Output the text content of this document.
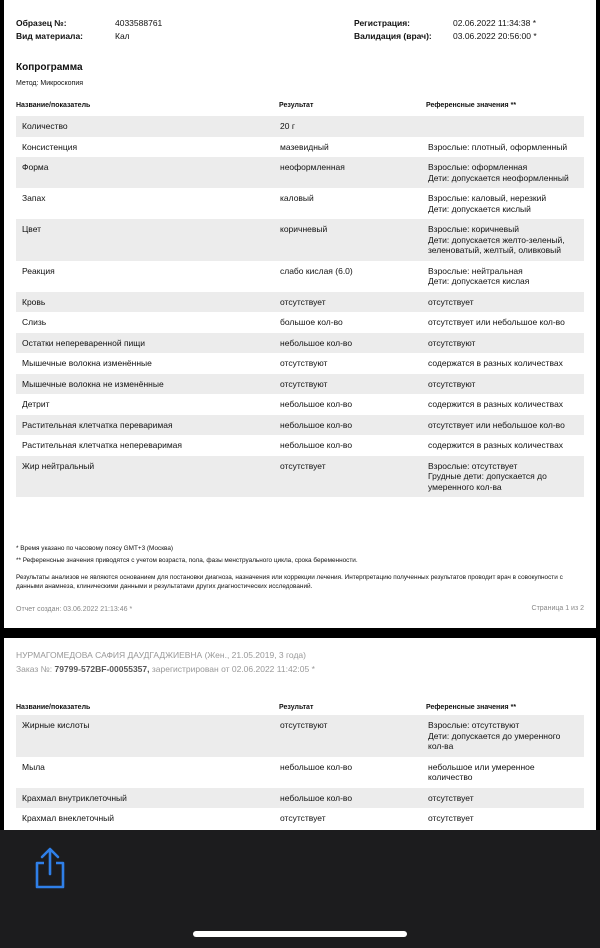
Образец №:	4033588761
Вид материала:	Кал
Регистрация:	02.06.2022 11:34:38 *
Валидация (врач):	03.06.2022 20:56:00 *
Копрограмма
Метод: Микроскопия
Название/показатель	Результат	Референсные значения **
Количество	20 г	
Консистенция	мазевидный	Взрослые: плотный, оформленный
Форма	неоформленная	Взрослые: оформленная
Дети: допускается неоформленный
Запах	каловый	Взрослые: каловый, нерезкий
Дети: допускается кислый
Цвет	коричневый	Взрослые: коричневый
Дети: допускается желто-зеленый, зеленоватый, желтый, оливковый
Реакция	слабо кислая (6.0)	Взрослые: нейтральная
Дети: допускается кислая
Кровь	отсутствует	отсутствует
Слизь	большое кол-во	отсутствует или небольшое кол-во
Остатки непереваренной пищи	небольшое кол-во	отсутствуют
Мышечные волокна изменённые	отсутствуют	содержатся в разных количествах
Мышечные волокна не изменённые	отсутствуют	отсутствуют
Детрит	небольшое кол-во	содержится в разных количествах
Растительная клетчатка переваримая	небольшое кол-во	отсутствует или небольшое кол-во
Растительная клетчатка непереваримая	небольшое кол-во	содержится в разных количествах
Жир нейтральный	отсутствует	Взрослые: отсутствует
Грудные дети: допускается до умеренного кол-ва
* Время указано по часовому поясу GMT+3 (Москва)
** Референсные значения приводятся с учетом возраста, пола, фазы менструального цикла, срока беременности.
Результаты анализов не являются основанием для постановки диагноза, назначения или коррекции лечения. Интерпретацию полученных результатов проводит врач в совокупности с данными анамнеза, клиническими данными и результатами других диагностических исследований.
Отчет создан: 03.06.2022 21:13:46 *	Страница 1 из 2
НУРМАГОМЕДОВА САФИЯ ДАУДГАДЖИЕВНА (Жен., 21.05.2019, 3 года)
Заказ №: 79799-572BF-00055357, зарегистрирован от 02.06.2022 11:42:05 *
Название/показатель	Результат	Референсные значения **
Жирные кислоты	отсутствуют	Взрослые: отсутствуют
Дети: допускается до умеренного кол-ва
Мыла	небольшое кол-во	небольшое или умеренное количество
Крахмал внутриклеточный	небольшое кол-во	отсутствует
Крахмал внеклеточный	отсутствует	отсутствует
